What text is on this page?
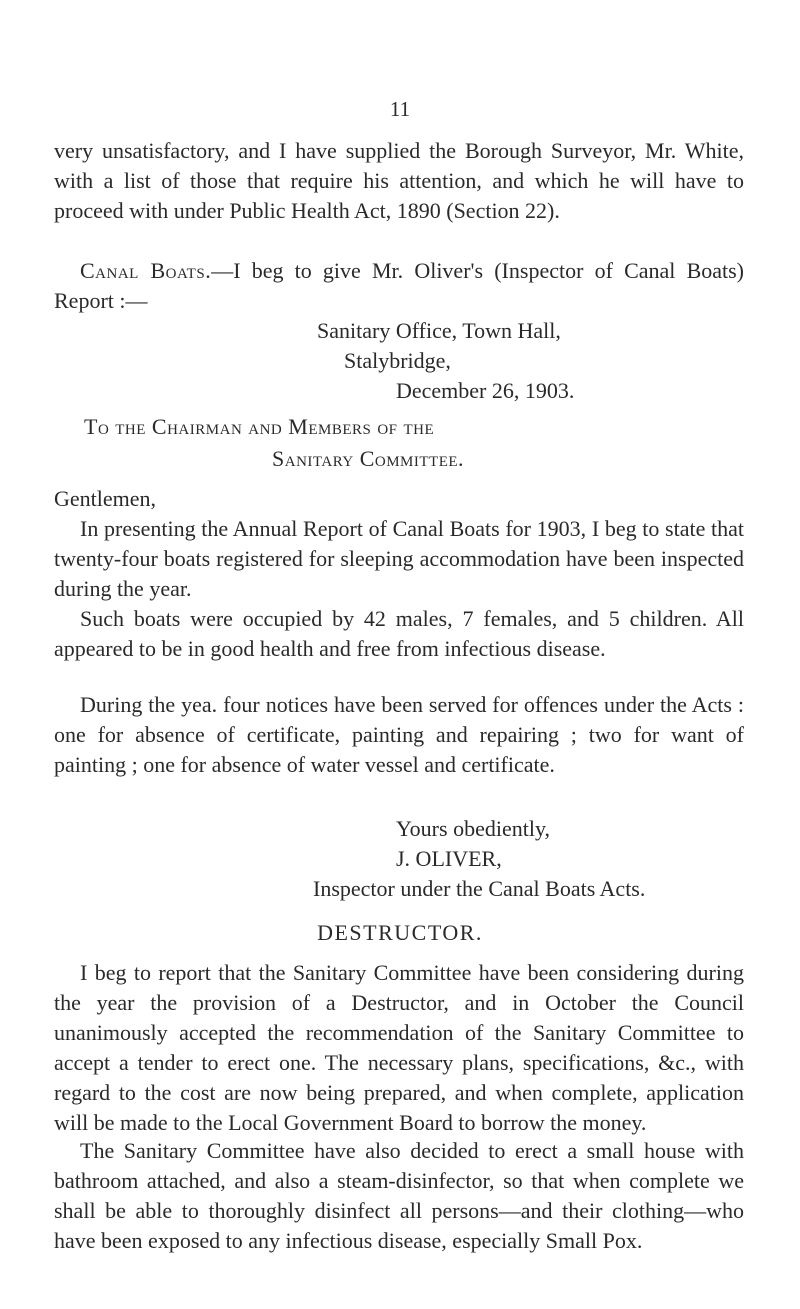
11

very unsatisfactory, and I have supplied the Borough Surveyor, Mr. White, with a list of those that require his attention, and which he will have to proceed with under Public Health Act, 1890 (Section 22).

Canal Boats.—I beg to give Mr. Oliver's (Inspector of Canal Boats) Report :—

Sanitary Office, Town Hall,
Stalybridge,
December 26, 1903.
To the Chairman and Members of the
Sanitary Committee.
Gentlemen,

In presenting the Annual Report of Canal Boats for 1903, I beg to state that twenty-four boats registered for sleeping accommodation have been inspected during the year.

Such boats were occupied by 42 males, 7 females, and 5 children. All appeared to be in good health and free from infectious disease.

During the yea. four notices have been served for offences under the Acts : one for absence of certificate, painting and repairing ; two for want of painting ; one for absence of water vessel and certificate.

Yours obediently,
J. OLIVER,
Inspector under the Canal Boats Acts.
DESTRUCTOR.

I beg to report that the Sanitary Committee have been considering during the year the provision of a Destructor, and in October the Council unanimously accepted the recommendation of the Sanitary Committee to accept a tender to erect one. The necessary plans, specifications, &c., with regard to the cost are now being prepared, and when complete, application will be made to the Local Government Board to borrow the money.

The Sanitary Committee have also decided to erect a small house with bathroom attached, and also a steam-disinfector, so that when complete we shall be able to thoroughly disinfect all persons—and their clothing—who have been exposed to any infectious disease, especially Small Pox.
